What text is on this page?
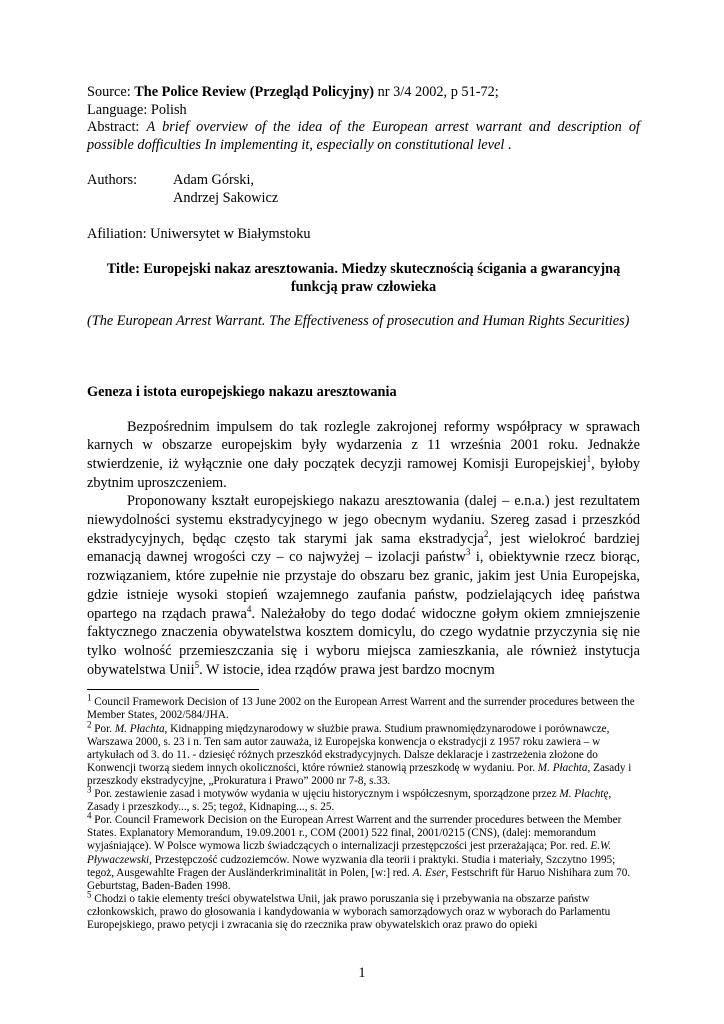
Source: The Police Review (Przegląd Policyjny) nr 3/4 2002, p 51-72;
Language: Polish
Abstract: A brief overview of the idea of the European arrest warrant and description of possible dofficulties In implementing it, especially on constitutional level .
Authors:	Adam Górski,
Andrzej Sakowicz
Afiliation: Uniwersytet w Białymstoku

Title: Europejski nakaz aresztowania. Miedzy skutecznością ścigania a gwarancyjną funkcją praw człowieka

(The European Arrest Warrant. The Effectiveness of prosecution and Human Rights Securities)

Geneza i istota europejskiego nakazu aresztowania

Bezpośrednim impulsem do tak rozlegle zakrojonej reformy współpracy w sprawach karnych w obszarze europejskim były wydarzenia z 11 września 2001 roku. Jednakże stwierdzenie, iż wyłącznie one dały początek decyzji ramowej Komisji Europejskiej$^1$, byłoby zbytnim uproszczeniem.

Proponowany kształt europejskiego nakazu aresztowania (dalej – e.n.a.) jest rezultatem niewydolności systemu ekstradycyjnego w jego obecnym wydaniu. Szereg zasad i przeszkód ekstradycyjnych, będąc często tak starymi jak sama ekstradycja$^2$, jest wielokroć bardziej emanacją dawnej wrogości czy – co najwyżej – izolacji państw$^3$ i, obiektywnie rzecz biorąc, rozwiązaniem, które zupełnie nie przystaje do obszaru bez granic, jakim jest Unia Europejska, gdzie istnieje wysoki stopień wzajemnego zaufania państw, podzielających ideę państwa opartego na rządach prawa$^4$. Należałoby do tego dodać widoczne gołym okiem zmniejszenie faktycznego znaczenia obywatelstwa kosztem domicylu, do czego wydatnie przyczynia się nie tylko wolność przemieszczania się i wyboru miejsca zamieszkania, ale również instytucja obywatelstwa Unii$^5$. W istocie, idea rządów prawa jest bardzo mocnym

$^1$ Council Framework Decision of 13 June 2002 on the European Arrest Warrent and the surrender procedures between the Member States, 2002/584/JHA.

$^2$ Por. M. Płachta, Kidnapping międzynarodowy w służbie prawa. Studium prawnomiędzynarodowe i porównawcze, Warszawa 2000, s. 23 i n. Ten sam autor zauważa, iż Europejska konwencja o ekstradycji z 1957 roku zawiera – w artykułach od 3. do 11. - dziesięć różnych przeszkód ekstradycyjnych. Dalsze deklaracje i zastrzeżenia złożone do Konwencji tworzą siedem innych okoliczności, które również stanowią przeszkodę w wydaniu. Por. M. Płachta, Zasady i przeszkody ekstradycyjne, „Prokuratura i Prawo” 2000 nr 7-8, s.33.

$^3$ Por. zestawienie zasad i motywów wydania w ujęciu historycznym i współczesnym, sporządzone przez M. Płachtę, Zasady i przeszkody..., s. 25; tegoż, Kidnaping..., s. 25.

$^4$ Por. Council Framework Decision on the European Arrest Warrent and the surrender procedures between the Member States. Explanatory Memorandum, 19.09.2001 r., COM (2001) 522 final, 2001/0215 (CNS), (dalej: memorandum wyjaśniające). W Polsce wymowa liczb świadczących o internalizacji przestępczości jest przerażająca; Por. red. E.W. Pływaczewski, Przestępczość cudzoziemców. Nowe wyzwania dla teorii i praktyki. Studia i materiały, Szczytno 1995; tegoż, Ausgewahlte Fragen der Ausländerkriminalität in Polen, [w:] red. A. Eser, Festschrift für Haruo Nishihara zum 70. Geburtstag, Baden-Baden 1998.

$^5$ Chodzi o takie elementy treści obywatelstwa Unii, jak prawo poruszania się i przebywania na obszarze państw członkowskich, prawo do głosowania i kandydowania w wyborach samorządowych oraz w wyborach do Parlamentu Europejskiego, prawo petycji i zwracania się do rzecznika praw obywatelskich oraz prawo do opieki

1
